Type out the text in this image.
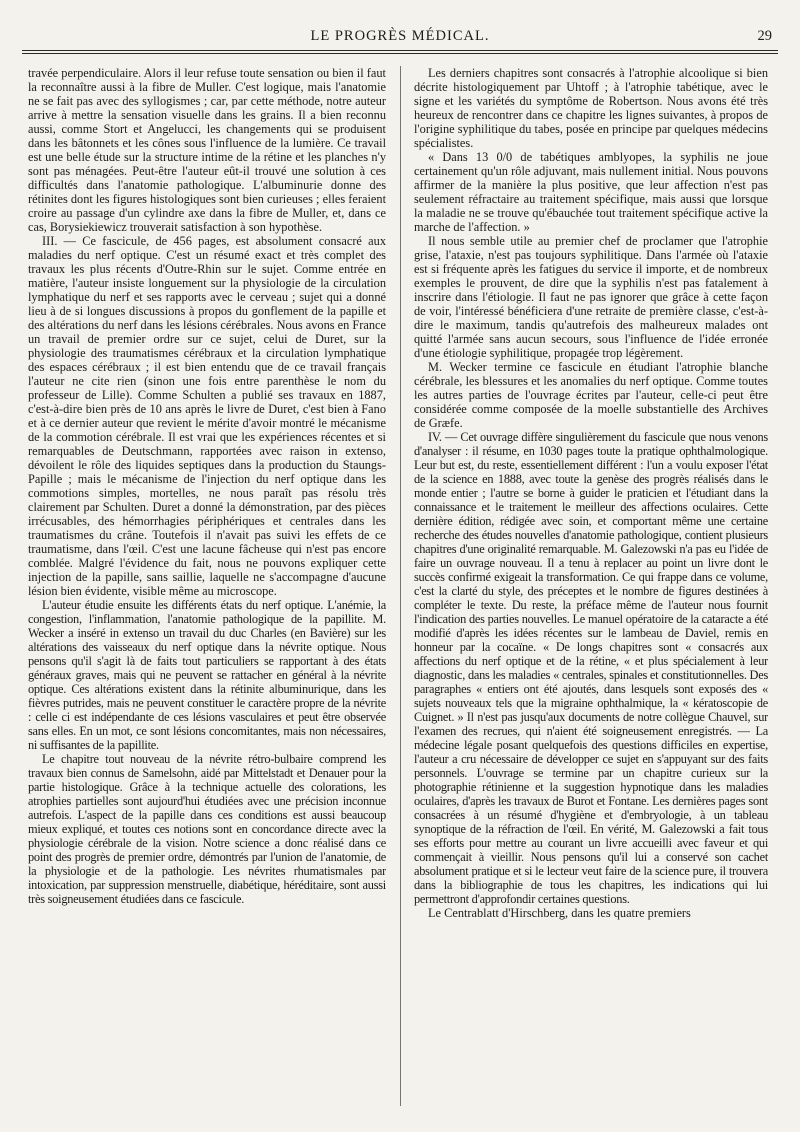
LE PROGRÈS MÉDICAL.	29

travée perpendiculaire. Alors il leur refuse toute sensation ou bien il faut la reconnaître aussi à la fibre de Muller. C'est logique, mais l'anatomie ne se fait pas avec des syllogismes ; car, par cette méthode, notre auteur arrive à mettre la sensation visuelle dans les grains. Il a bien reconnu aussi, comme Stort et Angelucci, les changements qui se produisent dans les bâtonnets et les cônes sous l'influence de la lumière. Ce travail est une belle étude sur la structure intime de la rétine et les planches n'y sont pas ménagées. Peut-être l'auteur eût-il trouvé une solution à ces difficultés dans l'anatomie pathologique. L'albuminurie donne des rétinites dont les figures histologiques sont bien curieuses ; elles feraient croire au passage d'un cylindre axe dans la fibre de Muller, et, dans ce cas, Borysiekiewicz trouverait satisfaction à son hypothèse.

III. — Ce fascicule, de 456 pages, est absolument consacré aux maladies du nerf optique. C'est un résumé exact et très complet des travaux les plus récents d'Outre-Rhin sur le sujet. Comme entrée en matière, l'auteur insiste longuement sur la physiologie de la circulation lymphatique du nerf et ses rapports avec le cerveau ; sujet qui a donné lieu à de si longues discussions à propos du gonflement de la papille et des altérations du nerf dans les lésions cérébrales. Nous avons en France un travail de premier ordre sur ce sujet, celui de Duret, sur la physiologie des traumatismes cérébraux et la circulation lymphatique des espaces cérébraux ; il est bien entendu que de ce travail français l'auteur ne cite rien (sinon une fois entre parenthèse le nom du professeur de Lille). Comme Schulten a publié ses travaux en 1887, c'est-à-dire bien près de 10 ans après le livre de Duret, c'est bien à Fano et à ce dernier auteur que revient le mérite d'avoir montré le mécanisme de la commotion cérébrale. Il est vrai que les expériences récentes et si remarquables de Deutschmann, rapportées avec raison in extenso, dévoilent le rôle des liquides septiques dans la production du Staungs-Papille ; mais le mécanisme de l'injection du nerf optique dans les commotions simples, mortelles, ne nous paraît pas résolu très clairement par Schulten. Duret a donné la démonstration, par des pièces irrécusables, des hémorrhagies périphériques et centrales dans les traumatismes du crâne. Toutefois il n'avait pas suivi les effets de ce traumatisme, dans l'œil. C'est une lacune fâcheuse qui n'est pas encore comblée. Malgré l'évidence du fait, nous ne pouvons expliquer cette injection de la papille, sans saillie, laquelle ne s'accompagne d'aucune lésion bien évidente, visible même au microscope.

L'auteur étudie ensuite les différents états du nerf optique. L'anémie, la congestion, l'inflammation, l'anatomie pathologique de la papillite. M. Wecker a inséré in extenso un travail du duc Charles (en Bavière) sur les altérations des vaisseaux du nerf optique dans la névrite optique. Nous pensons qu'il s'agit là de faits tout particuliers se rapportant à des états généraux graves, mais qui ne peuvent se rattacher en général à la névrite optique. Ces altérations existent dans la rétinite albuminurique, dans les fièvres putrides, mais ne peuvent constituer le caractère propre de la névrite : celle ci est indépendante de ces lésions vasculaires et peut être observée sans elles. En un mot, ce sont lésions concomitantes, mais non nécessaires, ni suffisantes de la papillite.

Le chapitre tout nouveau de la névrite rétro-bulbaire comprend les travaux bien connus de Samelsohn, aidé par Mittelstadt et Denauer pour la partie histologique. Grâce à la technique actuelle des colorations, les atrophies partielles sont aujourd'hui étudiées avec une précision inconnue autrefois. L'aspect de la papille dans ces conditions est aussi beaucoup mieux expliqué, et toutes ces notions sont en concordance directe avec la physiologie cérébrale de la vision. Notre science a donc réalisé dans ce point des progrès de premier ordre, démontrés par l'union de l'anatomie, de la physiologie et de la pathologie. Les névrites rhumatismales par intoxication, par suppression menstruelle, diabétique, héréditaire, sont aussi très soigneusement étudiées dans ce fascicule.

Les derniers chapitres sont consacrés à l'atrophie alcoolique si bien décrite histologiquement par Uhtoff ; à l'atrophie tabétique, avec le signe et les variétés du symptôme de Robertson. Nous avons été très heureux de rencontrer dans ce chapitre les lignes suivantes, à propos de l'origine syphilitique du tabes, posée en principe par quelques médecins spécialistes.

« Dans 13 0/0 de tabétiques amblyopes, la syphilis ne joue certainement qu'un rôle adjuvant, mais nullement initial. Nous pouvons affirmer de la manière la plus positive, que leur affection n'est pas seulement réfractaire au traitement spécifique, mais aussi que lorsque la maladie ne se trouve qu'ébauchée tout traitement spécifique active la marche de l'affection. »

Il nous semble utile au premier chef de proclamer que l'atrophie grise, l'ataxie, n'est pas toujours syphilitique. Dans l'armée où l'ataxie est si fréquente après les fatigues du service il importe, et de nombreux exemples le prouvent, de dire que la syphilis n'est pas fatalement à inscrire dans l'étiologie. Il faut ne pas ignorer que grâce à cette façon de voir, l'intéressé bénéficiera d'une retraite de première classe, c'est-à-dire le maximum, tandis qu'autrefois des malheureux malades ont quitté l'armée sans aucun secours, sous l'influence de l'idée erronée d'une étiologie syphilitique, propagée trop légèrement.

M. Wecker termine ce fascicule en étudiant l'atrophie blanche cérébrale, les blessures et les anomalies du nerf optique. Comme toutes les autres parties de l'ouvrage écrites par l'auteur, celle-ci peut être considérée comme composée de la moelle substantielle des Archives de Græfe.

IV. — Cet ouvrage diffère singulièrement du fascicule que nous venons d'analyser : il résume, en 1030 pages toute la pratique ophthalmologique. Leur but est, du reste, essentiellement différent : l'un a voulu exposer l'état de la science en 1888, avec toute la genèse des progrès réalisés dans le monde entier ; l'autre se borne à guider le praticien et l'étudiant dans la connaissance et le traitement le meilleur des affections oculaires. Cette dernière édition, rédigée avec soin, et comportant même une certaine recherche des études nouvelles d'anatomie pathologique, contient plusieurs chapitres d'une originalité remarquable. M. Galezowski n'a pas eu l'idée de faire un ouvrage nouveau. Il a tenu à replacer au point un livre dont le succès confirmé exigeait la transformation. Ce qui frappe dans ce volume, c'est la clarté du style, des préceptes et le nombre de figures destinées à compléter le texte. Du reste, la préface même de l'auteur nous fournit l'indication des parties nouvelles. Le manuel opératoire de la cataracte a été modifié d'après les idées récentes sur le lambeau de Daviel, remis en honneur par la cocaïne. « De longs chapitres sont « consacrés aux affections du nerf optique et de la rétine, « et plus spécialement à leur diagnostic, dans les maladies « centrales, spinales et constitutionnelles. Des paragraphes « entiers ont été ajoutés, dans lesquels sont exposés des « sujets nouveaux tels que la migraine ophthalmique, la « kératoscopie de Cuignet. » Il n'est pas jusqu'aux documents de notre collègue Chauvel, sur l'examen des recrues, qui n'aient été soigneusement enregistrés. — La médecine légale posant quelquefois des questions difficiles en expertise, l'auteur a cru nécessaire de développer ce sujet en s'appuyant sur des faits personnels. L'ouvrage se termine par un chapitre curieux sur la photographie rétinienne et la suggestion hypnotique dans les maladies oculaires, d'après les travaux de Burot et Fontane. Les dernières pages sont consacrées à un résumé d'hygiène et d'embryologie, à un tableau synoptique de la réfraction de l'œil. En vérité, M. Galezowski a fait tous ses efforts pour mettre au courant un livre accueilli avec faveur et qui commençait à vieillir. Nous pensons qu'il lui a conservé son cachet absolument pratique et si le lecteur veut faire de la science pure, il trouvera dans la bibliographie de tous les chapitres, les indications qui lui permettront d'approfondir certaines questions.

Le Centrablatt d'Hirschberg, dans les quatre premiers
